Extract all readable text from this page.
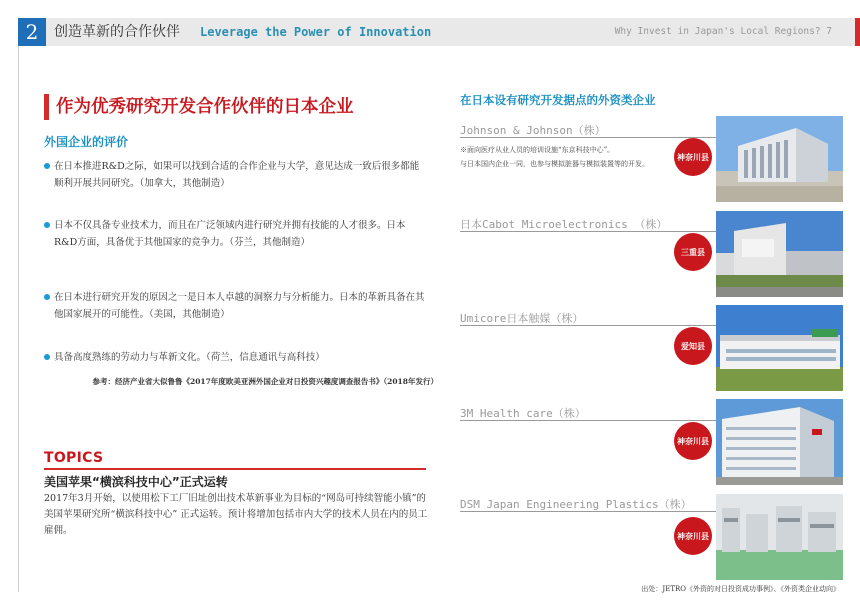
2	创造革新的合作伙伴 Leverage the Power of Innovation	Why Invest in Japan's Local Regions? 7
作为优秀研究开发合作伙伴的日本企业
外国企业的评价
在日本推进R&D之际，如果可以找到合适的合作企业与大学，意见达成一致后很多都能顺利开展共同研究。（加拿大，其他制造）
日本不仅具备专业技术力，而且在广泛领域内进行研究并拥有技能的人才很多。日本R&D方面，具备优于其他国家的竞争力。（芬兰，其他制造）
在日本进行研究开发的原因之一是日本人卓越的洞察力与分析能力。日本的革新具备在其他国家展开的可能性。（美国，其他制造）
具备高度熟练的劳动力与革新文化。（荷兰，信息通讯与高科技）
参考：经济产业省大似鲁鲁《2017年度欧美亚洲外国企业对日投资兴趣度调查报告书》（2018年发行）
TOPICS
美国苹果“横滨科技中心”正式运转
2017年3月开始，以使用松下工厂旧址创出技术革新事业为目标的“网岛可持续智能小镇”的美国苹果研究所“横滨科技中心” 正式运转。预计将增加包括市内大学的技术人员在内的员工雇佣。
在日本设有研究开发据点的外资类企业
Johnson & Johnson（株）
※面向医疗从业人员的培训设施“东京科技中心”。
与日本国内企业一同，也参与模拟脏器与模拟装置等的开发。
神奈川县
日本Cabot Microelectronics （株）
三重县
Umicore日本触媒（株）
爱知县
3M Health care（株）
神奈川县
DSM Japan Engineering Plastics（株）
神奈川县
出处：JETRO《外资的对日投资成功事例》、《外资类企业动向》
